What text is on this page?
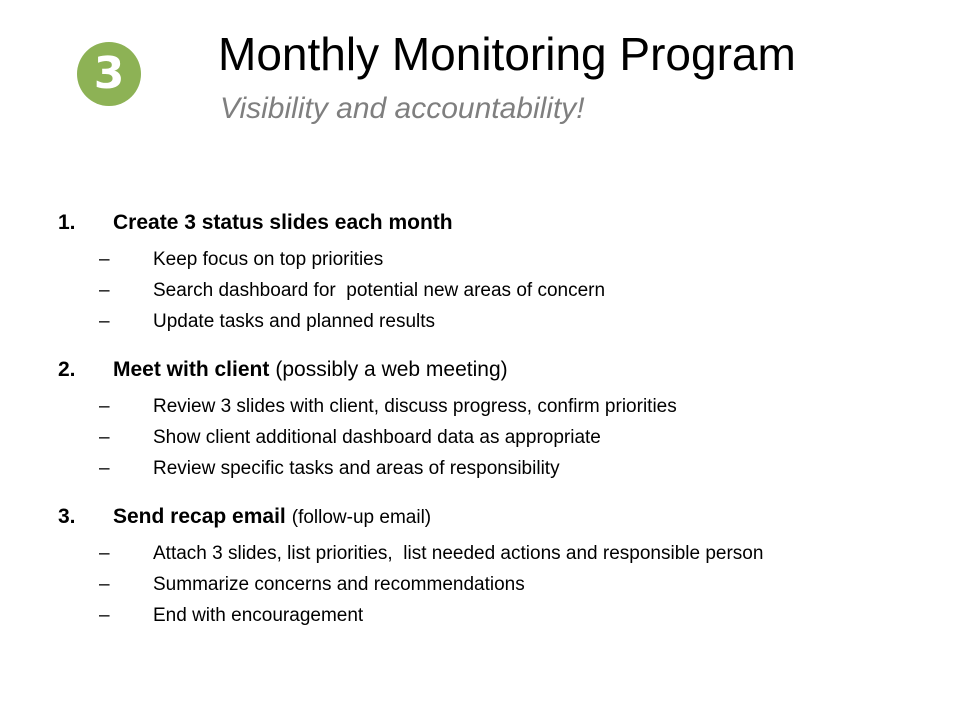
3	Monthly Monitoring Program
Visibility and accountability!
1.	Create 3 status slides each month
–	Keep focus on top priorities
–	Search dashboard for  potential new areas of concern
–	Update tasks and planned results
2.	Meet with client (possibly a web meeting)
–	Review 3 slides with client, discuss progress, confirm priorities
–	Show client additional dashboard data as appropriate
–	Review specific tasks and areas of responsibility
3.	Send recap email (follow-up email)
–	Attach 3 slides, list priorities,  list needed actions and responsible person
–	Summarize concerns and recommendations
–	End with encouragement
